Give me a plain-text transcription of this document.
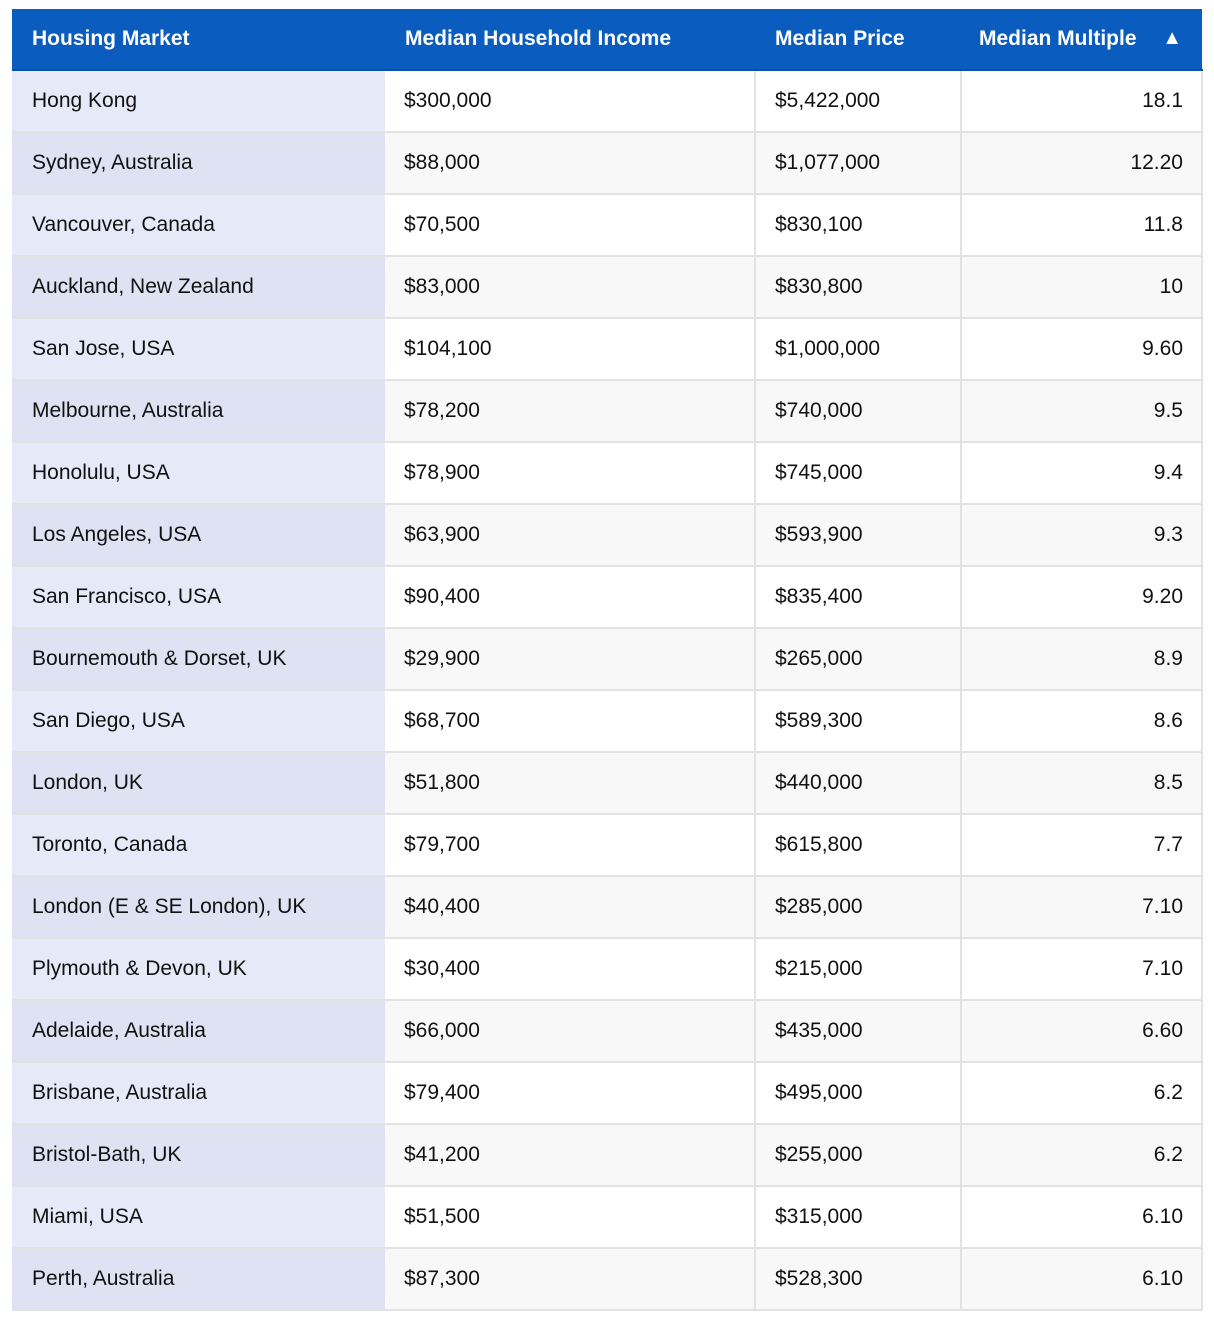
Housing Market	Median Household Income	Median Price	Median Multiple ▲

Hong Kong	$300,000	$5,422,000	18.1
Sydney, Australia	$88,000	$1,077,000	12.20
Vancouver, Canada	$70,500	$830,100	11.8
Auckland, New Zealand	$83,000	$830,800	10
San Jose, USA	$104,100	$1,000,000	9.60
Melbourne, Australia	$78,200	$740,000	9.5
Honolulu, USA	$78,900	$745,000	9.4
Los Angeles, USA	$63,900	$593,900	9.3
San Francisco, USA	$90,400	$835,400	9.20
Bournemouth & Dorset, UK	$29,900	$265,000	8.9
San Diego, USA	$68,700	$589,300	8.6
London, UK	$51,800	$440,000	8.5
Toronto, Canada	$79,700	$615,800	7.7
London (E & SE London), UK	$40,400	$285,000	7.10
Plymouth & Devon, UK	$30,400	$215,000	7.10
Adelaide, Australia	$66,000	$435,000	6.60
Brisbane, Australia	$79,400	$495,000	6.2
Bristol-Bath, UK	$41,200	$255,000	6.2
Miami, USA	$51,500	$315,000	6.10
Perth, Australia	$87,300	$528,300	6.10
